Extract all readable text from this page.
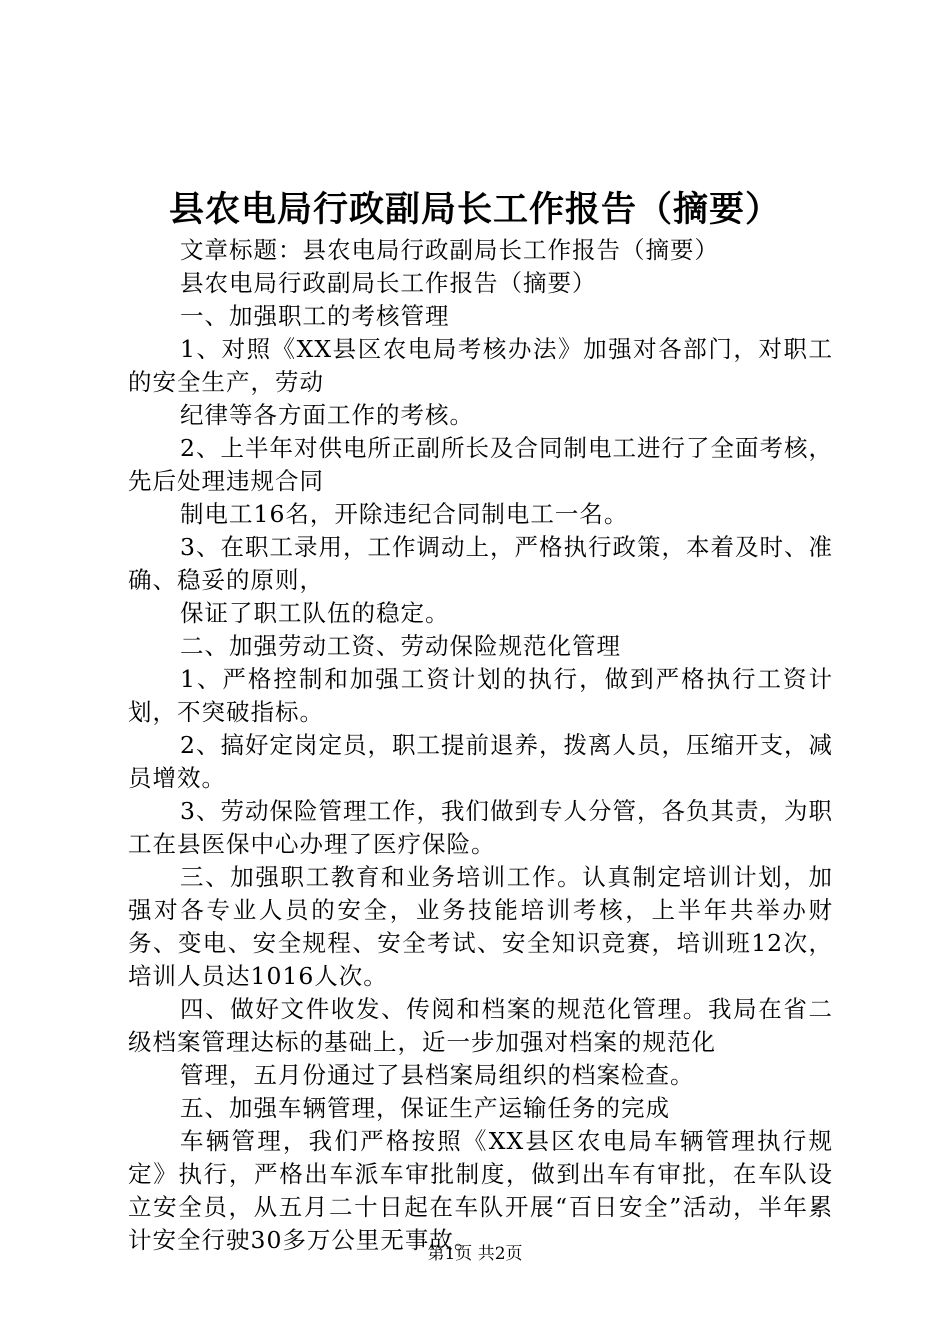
县农电局行政副局长工作报告（摘要）

文章标题：县农电局行政副局长工作报告（摘要）

县农电局行政副局长工作报告（摘要）

一、加强职工的考核管理

1、对照《XX县区农电局考核办法》加强对各部门，对职工的安全生产，劳动

纪律等各方面工作的考核。

2、上半年对供电所正副所长及合同制电工进行了全面考核，先后处理违规合同

制电工16名，开除违纪合同制电工一名。

3、在职工录用，工作调动上，严格执行政策，本着及时、准确、稳妥的原则，

保证了职工队伍的稳定。

二、加强劳动工资、劳动保险规范化管理

1、严格控制和加强工资计划的执行，做到严格执行工资计划，不突破指标。

2、搞好定岗定员，职工提前退养，拨离人员，压缩开支，减员增效。

3、劳动保险管理工作，我们做到专人分管，各负其责，为职工在县医保中心办理了医疗保险。

三、加强职工教育和业务培训工作。认真制定培训计划，加强对各专业人员的安全，业务技能培训考核，上半年共举办财务、变电、安全规程、安全考试、安全知识竞赛，培训班12次，培训人员达1016人次。

四、做好文件收发、传阅和档案的规范化管理。我局在省二级档案管理达标的基础上，近一步加强对档案的规范化

管理，五月份通过了县档案局组织的档案检查。

五、加强车辆管理，保证生产运输任务的完成

车辆管理，我们严格按照《XX县区农电局车辆管理执行规定》执行，严格出车派车审批制度，做到出车有审批，在车队设立安全员，从五月二十日起在车队开展“百日安全”活动，半年累计安全行驶30多万公里无事故。

第1页 共2页
